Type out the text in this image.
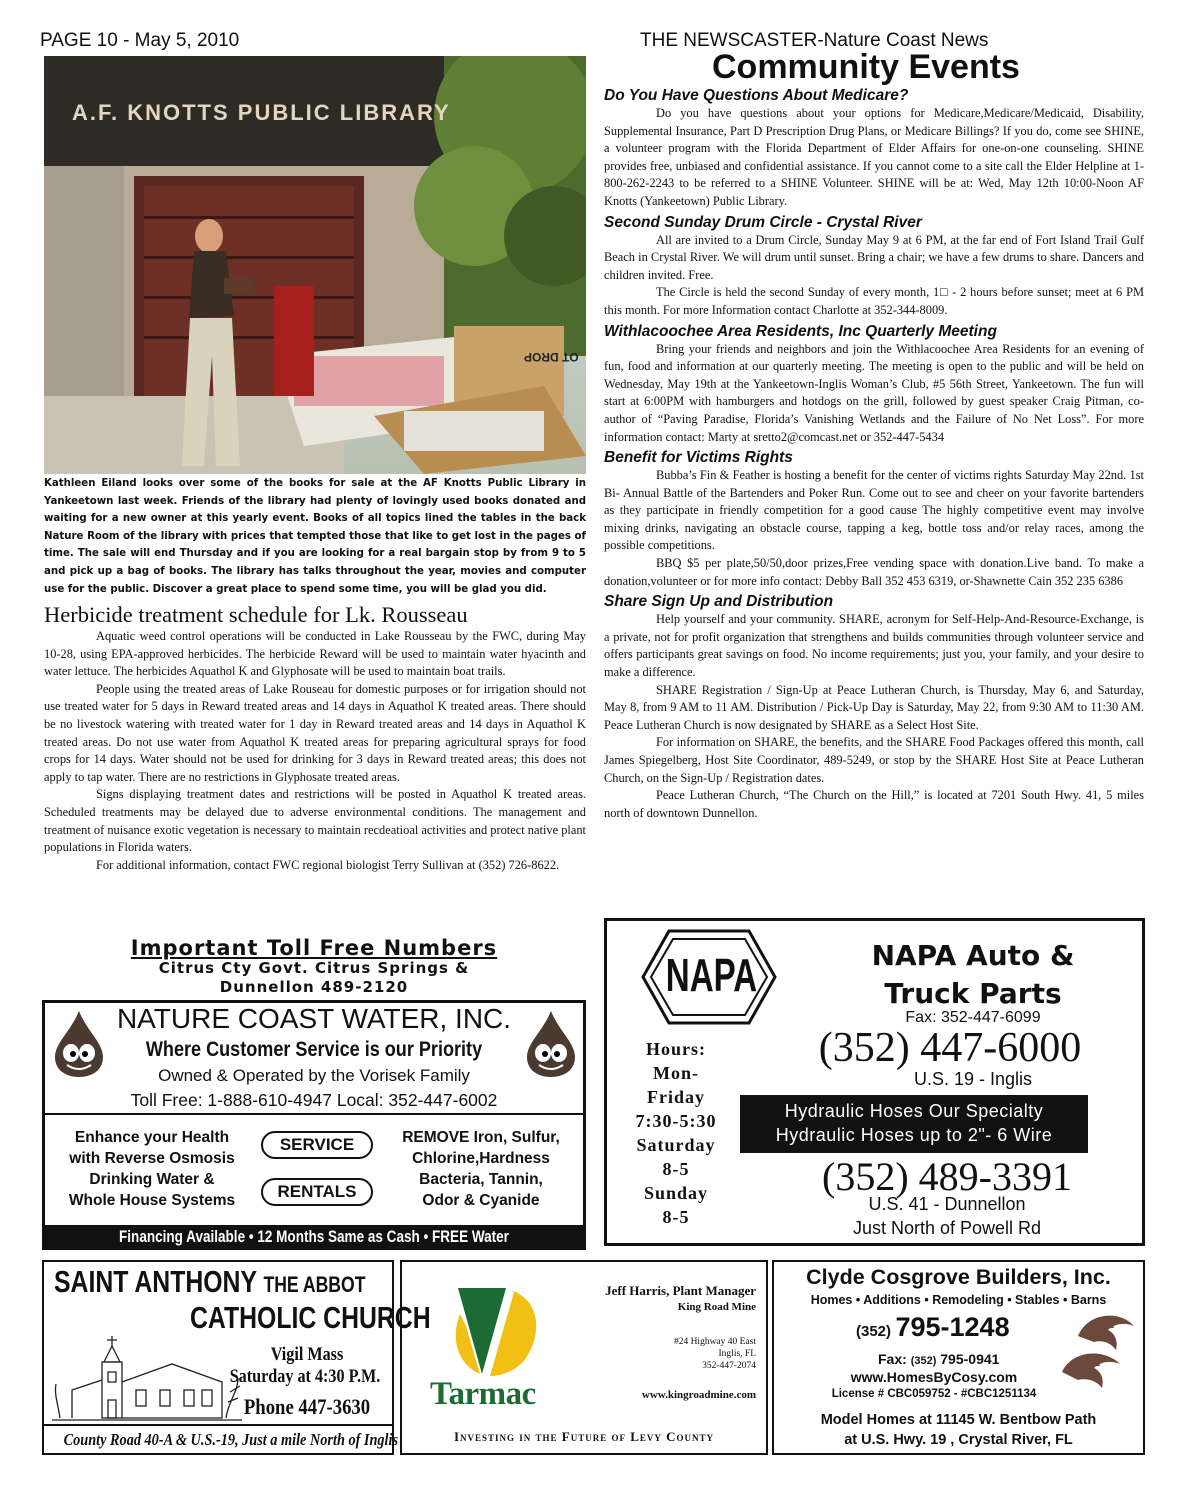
PAGE 10 - May 5, 2010	THE NEWSCASTER-Nature Coast News
Community Events
A.F. KNOTTS PUBLIC LIBRARY
OT DROP
Kathleen Eiland looks over some of the books for sale at the AF Knotts Public Library in Yankeetown last week. Friends of the library had plenty of lovingly used books donated and waiting for a new owner at this yearly event. Books of all topics lined the tables in the back Nature Room of the library with prices that tempted those that like to get lost in the pages of time. The sale will end Thursday and if you are looking for a real bargain stop by from 9 to 5 and pick up a bag of books. The library has talks throughout the year, movies and computer use for the public. Discover a great place to spend some time, you will be glad you did.
Herbicide treatment schedule for Lk. Rousseau

Aquatic weed control operations will be conducted in Lake Rousseau by the FWC, during May 10-28, using EPA-approved herbicides. The herbicide Reward will be used to maintain water hyacinth and water lettuce. The herbicides Aquathol K and Glyphosate will be used to maintain boat trails.

People using the treated areas of Lake Rouseau for domestic purposes or for irrigation should not use treated water for 5 days in Reward treated areas and 14 days in Aquathol K treated areas. There should be no livestock watering with treated water for 1 day in Reward treated areas and 14 days in Aquathol K treated areas. Do not use water from Aquathol K treated areas for preparing agricultural sprays for food crops for 14 days. Water should not be used for drinking for 3 days in Reward treated areas; this does not apply to tap water. There are no restrictions in Glyphosate treated areas.

Signs displaying treatment dates and restrictions will be posted in Aquathol K treated areas. Scheduled treatments may be delayed due to adverse environmental conditions. The management and treatment of nuisance exotic vegetation is necessary to maintain recdeatioal activities and protect native plant populations in Florida waters.

For additional information, contact FWC regional biologist Terry Sullivan at (352) 726-8622.

Important Toll Free Numbers
Citrus Cty Govt. Citrus Springs &
Dunnellon 489-2120
NATURE COAST WATER, INC.
Where Customer Service is our Priority
Owned & Operated by the Vorisek Family
Toll Free: 1-888-610-4947 Local: 352-447-6002
Enhance your Health
with Reverse Osmosis
Drinking Water &
Whole House Systems
SERVICE
RENTALS
REMOVE Iron, Sulfur,
Chlorine,Hardness
Bacteria, Tannin,
Odor & Cyanide
Financing Available • 12 Months Same as Cash • FREE Water Analysis
Do You Have Questions About Medicare?

Do you have questions about your options for Medicare,Medicare/Medicaid, Disability, Supplemental Insurance, Part D Prescription Drug Plans, or Medicare Billings? If you do, come see SHINE, a volunteer program with the Florida Department of Elder Affairs for one-on-one counseling. SHINE provides free, unbiased and confidential assistance. If you cannot come to a site call the Elder Helpline at 1-800-262-2243 to be referred to a SHINE Volunteer. SHINE will be at: Wed, May 12th 10:00-Noon AF Knotts (Yankeetown) Public Library.

Second Sunday Drum Circle - Crystal River

All are invited to a Drum Circle, Sunday May 9 at 6 PM, at the far end of Fort Island Trail Gulf Beach in Crystal River. We will drum until sunset. Bring a chair; we have a few drums to share. Dancers and children invited. Free.

The Circle is held the second Sunday of every month, 1□ - 2 hours before sunset; meet at 6 PM this month. For more Information contact Charlotte at 352-344-8009.

Withlacoochee Area Residents, Inc Quarterly Meeting

Bring your friends and neighbors and join the Withlacoochee Area Residents for an evening of fun, food and information at our quarterly meeting. The meeting is open to the public and will be held on Wednesday, May 19th at the Yankeetown-Inglis Woman’s Club, #5 56th Street, Yankeetown. The fun will start at 6:00PM with hamburgers and hotdogs on the grill, followed by guest speaker Craig Pitman, co-author of “Paving Paradise, Florida’s Vanishing Wetlands and the Failure of No Net Loss”. For more information contact: Marty at sretto2@comcast.net or 352-447-5434

Benefit for Victims Rights

Bubba’s Fin & Feather is hosting a benefit for the center of victims rights Saturday May 22nd. 1st Bi- Annual Battle of the Bartenders and Poker Run. Come out to see and cheer on your favorite bartenders as they participate in friendly competition for a good cause The highly competitive event may involve mixing drinks, navigating an obstacle course, tapping a keg, bottle toss and/or relay races, among the possible competitions.

BBQ $5 per plate,50/50,door prizes,Free vending space with donation.Live band. To make a donation,volunteer or for more info contact: Debby Ball 352 453 6319, or-Shawnette Cain 352 235 6386

Share Sign Up and Distribution

Help yourself and your community. SHARE, acronym for Self-Help-And-Resource-Exchange, is a private, not for profit organization that strengthens and builds communities through volunteer service and offers participants great savings on food. No income requirements; just you, your family, and your desire to make a difference.

SHARE Registration / Sign-Up at Peace Lutheran Church, is Thursday, May 6, and Saturday, May 8, from 9 AM to 11 AM. Distribution / Pick-Up Day is Saturday, May 22, from 9:30 AM to 11:30 AM. Peace Lutheran Church is now designated by SHARE as a Select Host Site.

For information on SHARE, the benefits, and the SHARE Food Packages offered this month, call James Spiegelberg, Host Site Coordinator, 489-5249, or stop by the SHARE Host Site at Peace Lutheran Church, on the Sign-Up / Registration dates.

Peace Lutheran Church, “The Church on the Hill,” is located at 7201 South Hwy. 41, 5 miles north of downtown Dunnellon.

NAPA	NAPA Auto &
Truck Parts
Fax: 352-447-6099
(352) 447-6000
U.S. 19 - Inglis
Hours:
Mon-
Friday
7:30-5:30
Saturday
8-5
Sunday
8-5
Hydraulic Hoses Our Specialty
Hydraulic Hoses up to 2"- 6 Wire
(352) 489-3391
U.S. 41 - Dunnellon
Just North of Powell Rd
SAINT ANTHONY THE ABBOT
CATHOLIC CHURCH
Vigil Mass
Saturday at 4:30 P.M.
Phone 447-3630
County Road 40-A & U.S.-19, Just a mile North of Inglis
Tarmac
Jeff Harris, Plant Manager
King Road Mine
#24 Highway 40 East
Inglis, FL
352-447-2074
www.kingroadmine.com
Investing in the Future of Levy County
Clyde Cosgrove Builders, Inc.
Homes • Additions • Remodeling • Stables • Barns
(352) 795-1248
Fax: (352) 795-0941
www.HomesByCosy.com
License # CBC059752 - #CBC1251134
Model Homes at 11145 W. Bentbow Path
at U.S. Hwy. 19 , Crystal River, FL
